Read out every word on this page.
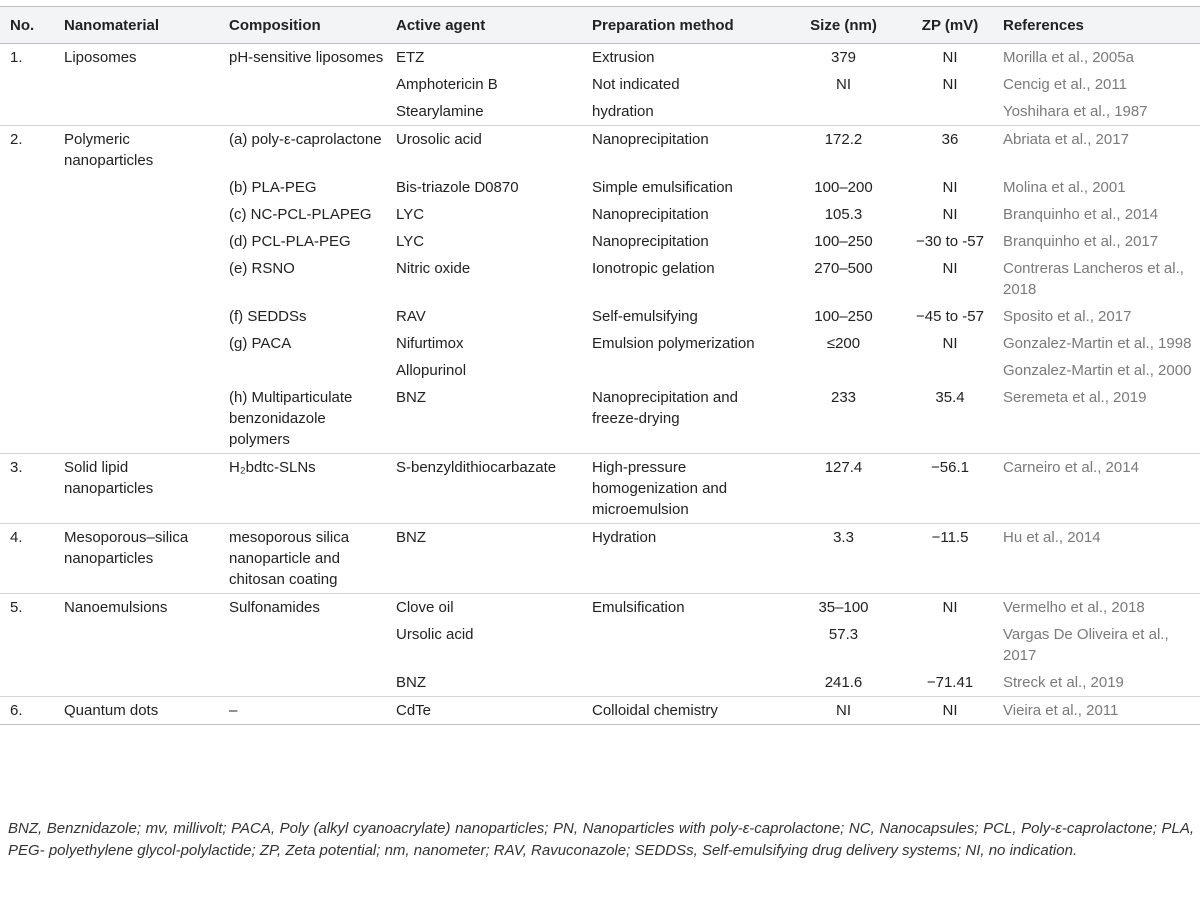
No.	Nanomaterial	Composition	Active agent	Preparation method	Size (nm)	ZP (mV)	References
1.	Liposomes	pH-sensitive liposomes	ETZ	Extrusion	379	NI	Morilla et al., 2005a
			Amphotericin B	Not indicated	NI	NI	Cencig et al., 2011
			Stearylamine	hydration			Yoshihara et al., 1987
2.	Polymeric nanoparticles	(a) poly-ε-caprolactone	Urosolic acid	Nanoprecipitation	172.2	36	Abriata et al., 2017
		(b) PLA-PEG	Bis-triazole D0870	Simple emulsification	100–200	NI	Molina et al., 2001
		(c) NC-PCL-PLAPEG	LYC	Nanoprecipitation	105.3	NI	Branquinho et al., 2014
		(d) PCL-PLA-PEG	LYC	Nanoprecipitation	100–250	−30 to -57	Branquinho et al., 2017
		(e) RSNO	Nitric oxide	Ionotropic gelation	270–500	NI	Contreras Lancheros et al., 2018
		(f) SEDDSs	RAV	Self-emulsifying	100–250	−45 to -57	Sposito et al., 2017
		(g) PACA	Nifurtimox	Emulsion polymerization	≤200	NI	Gonzalez-Martin et al., 1998
			Allopurinol				Gonzalez-Martin et al., 2000
		(h) Multiparticulate benzonidazole polymers	BNZ	Nanoprecipitation and freeze-drying	233	35.4	Seremeta et al., 2019
3.	Solid lipid nanoparticles	H₂bdtc-SLNs	S-benzyldithiocarbazate	High-pressure homogenization and microemulsion	127.4	−56.1	Carneiro et al., 2014
4.	Mesoporous–silica nanoparticles	mesoporous silica nanoparticle and chitosan coating	BNZ	Hydration	3.3	−11.5	Hu et al., 2014
5.	Nanoemulsions	Sulfonamides	Clove oil	Emulsification	35–100	NI	Vermelho et al., 2018
			Ursolic acid		57.3		Vargas De Oliveira et al., 2017
			BNZ		241.6	−71.41	Streck et al., 2019
6.	Quantum dots	–	CdTe	Colloidal chemistry	NI	NI	Vieira et al., 2011
BNZ, Benznidazole; mv, millivolt; PACA, Poly (alkyl cyanoacrylate) nanoparticles; PN, Nanoparticles with poly-ε-caprolactone; NC, Nanocapsules; PCL, Poly-ε-caprolactone; PLA, PEG- polyethylene glycol-polylactide; ZP, Zeta potential; nm, nanometer; RAV, Ravuconazole; SEDDSs, Self-emulsifying drug delivery systems; NI, no indication.
